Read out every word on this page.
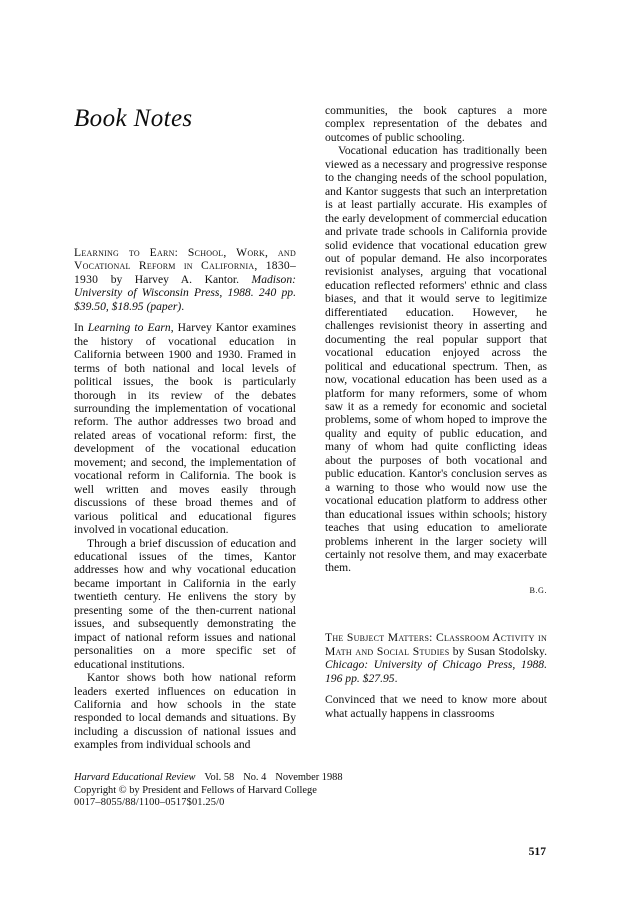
Book Notes
Learning to Earn: School, Work, and Vocational Reform in California, 1830–1930 by Harvey A. Kantor. Madison: University of Wisconsin Press, 1988. 240 pp. $39.50, $18.95 (paper).

In Learning to Earn, Harvey Kantor examines the history of vocational education in California between 1900 and 1930. Framed in terms of both national and local levels of political issues, the book is particularly thorough in its review of the debates surrounding the implementation of vocational reform. The author addresses two broad and related areas of vocational reform: first, the development of the vocational education movement; and second, the implementation of vocational reform in California. The book is well written and moves easily through discussions of these broad themes and of various political and educational figures involved in vocational education.

Through a brief discussion of education and educational issues of the times, Kantor addresses how and why vocational education became important in California in the early twentieth century. He enlivens the story by presenting some of the then-current national issues, and subsequently demonstrating the impact of national reform issues and national personalities on a more specific set of educational institutions.

Kantor shows both how national reform leaders exerted influences on education in California and how schools in the state responded to local demands and situations. By including a discussion of national issues and examples from individual schools and

communities, the book captures a more complex representation of the debates and outcomes of public schooling.

Vocational education has traditionally been viewed as a necessary and progressive response to the changing needs of the school population, and Kantor suggests that such an interpretation is at least partially accurate. His examples of the early development of commercial education and private trade schools in California provide solid evidence that vocational education grew out of popular demand. He also incorporates revisionist analyses, arguing that vocational education reflected reformers' ethnic and class biases, and that it would serve to legitimize differentiated education. However, he challenges revisionist theory in asserting and documenting the real popular support that vocational education enjoyed across the political and educational spectrum. Then, as now, vocational education has been used as a platform for many reformers, some of whom saw it as a remedy for economic and societal problems, some of whom hoped to improve the quality and equity of public education, and many of whom had quite conflicting ideas about the purposes of both vocational and public education. Kantor's conclusion serves as a warning to those who would now use the vocational education platform to address other than educational issues within schools; history teaches that using education to ameliorate problems inherent in the larger society will certainly not resolve them, and may exacerbate them.

B.G.
The Subject Matters: Classroom Activity in Math and Social Studies by Susan Stodolsky. Chicago: University of Chicago Press, 1988. 196 pp. $27.95.

Convinced that we need to know more about what actually happens in classrooms

Harvard Educational Review Vol. 58 No. 4 November 1988
Copyright © by President and Fellows of Harvard College
0017–8055/88/1100–0517$01.25/0
517
